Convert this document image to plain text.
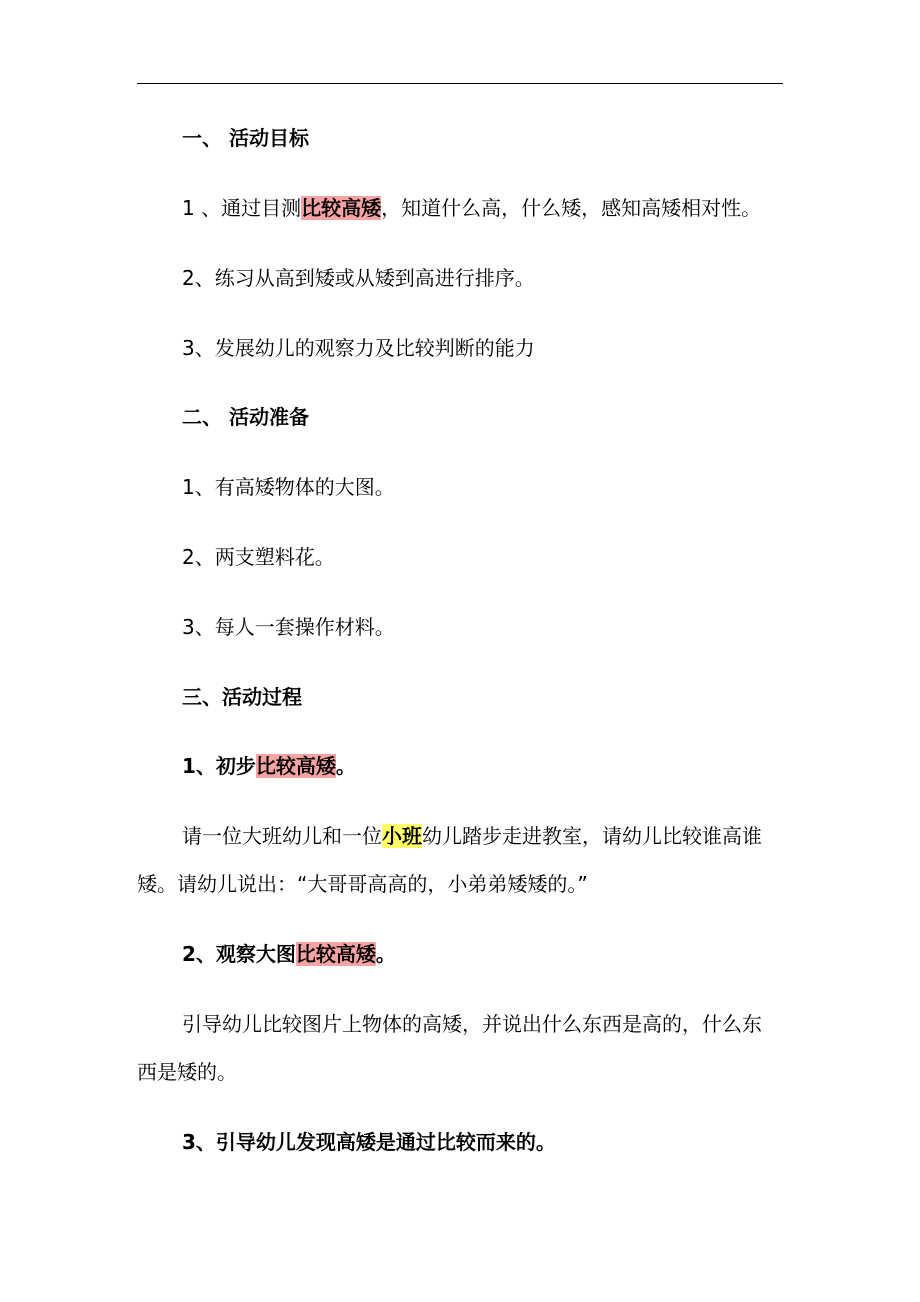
一、 活动目标
1 、通过目测比较高矮，知道什么高，什么矮，感知高矮相对性。
2、练习从高到矮或从矮到高进行排序。
3、发展幼儿的观察力及比较判断的能力
二、 活动准备
1、有高矮物体的大图。
2、两支塑料花。
3、每人一套操作材料。
三、活动过程
1、初步比较高矮。
请一位大班幼儿和一位小班幼儿踏步走进教室，请幼儿比较谁高谁
矮。请幼儿说出：“大哥哥高高的，小弟弟矮矮的。”
2、观察大图比较高矮。
引导幼儿比较图片上物体的高矮，并说出什么东西是高的，什么东
西是矮的。
3、引导幼儿发现高矮是通过比较而来的。
